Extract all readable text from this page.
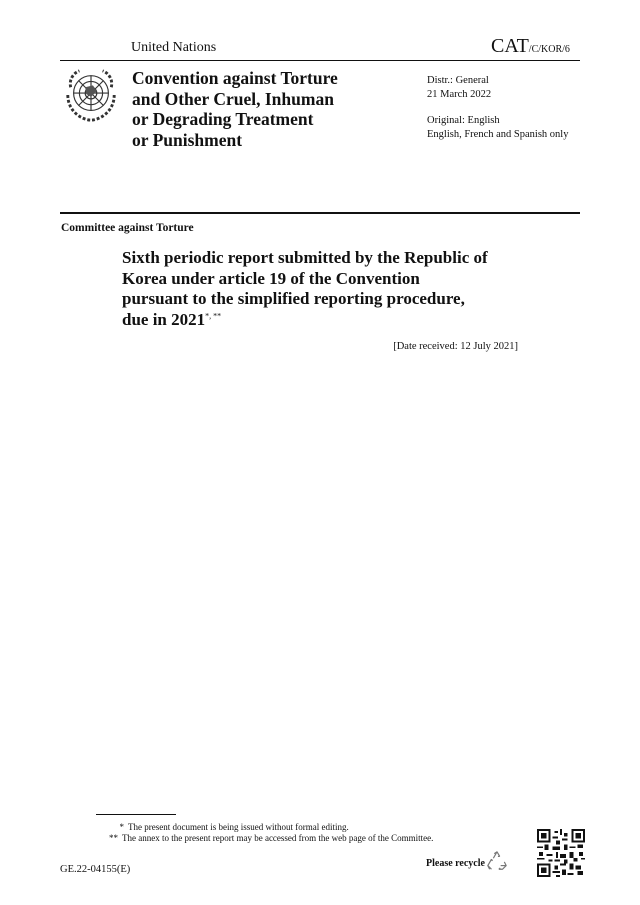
United Nations	CAT/C/KOR/6
Convention against Torture
and Other Cruel, Inhuman
or Degrading Treatment
or Punishment
Distr.: General
21 March 2022
Original: English
English, French and Spanish only
Committee against Torture
Sixth periodic report submitted by the Republic of
Korea under article 19 of the Convention
pursuant to the simplified reporting procedure,
due in 2021*, **
[Date received: 12 July 2021]
* The present document is being issued without formal editing.
** The annex to the present report may be accessed from the web page of the Committee.
GE.22-04155(E)
Please recycle
